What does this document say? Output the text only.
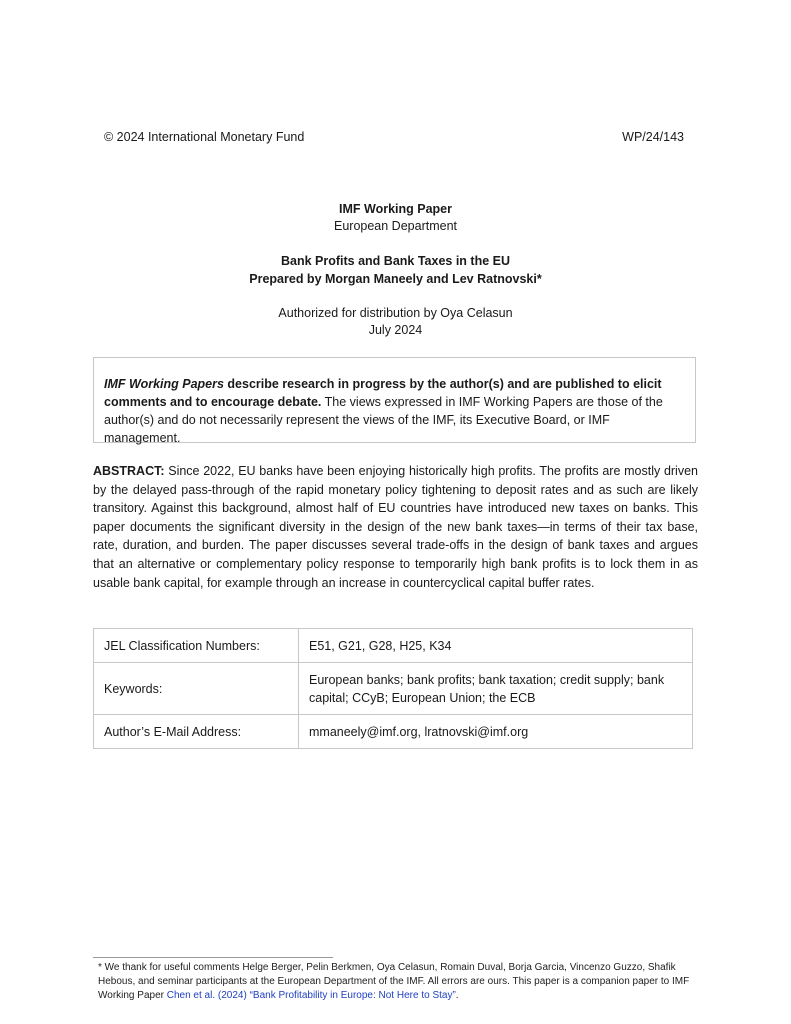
© 2024 International Monetary Fund	WP/24/143
IMF Working Paper
European Department
Bank Profits and Bank Taxes in the EU
Prepared by Morgan Maneely and Lev Ratnovski*
Authorized for distribution by Oya Celasun
July 2024
IMF Working Papers describe research in progress by the author(s) and are published to elicit comments and to encourage debate. The views expressed in IMF Working Papers are those of the author(s) and do not necessarily represent the views of the IMF, its Executive Board, or IMF management.
ABSTRACT: Since 2022, EU banks have been enjoying historically high profits. The profits are mostly driven by the delayed pass-through of the rapid monetary policy tightening to deposit rates and as such are likely transitory. Against this background, almost half of EU countries have introduced new taxes on banks. This paper documents the significant diversity in the design of the new bank taxes—in terms of their tax base, rate, duration, and burden. The paper discusses several trade-offs in the design of bank taxes and argues that an alternative or complementary policy response to temporarily high bank profits is to lock them in as usable bank capital, for example through an increase in countercyclical capital buffer rates.
JEL Classification Numbers:	E51, G21, G28, H25, K34
Keywords:	European banks; bank profits; bank taxation; credit supply; bank capital; CCyB; European Union; the ECB
Author’s E-Mail Address:	mmaneely@imf.org, lratnovski@imf.org
* We thank for useful comments Helge Berger, Pelin Berkmen, Oya Celasun, Romain Duval, Borja Garcia, Vincenzo Guzzo, Shafik Hebous, and seminar participants at the European Department of the IMF. All errors are ours. This paper is a companion paper to IMF Working Paper Chen et al. (2024) “Bank Profitability in Europe: Not Here to Stay”.
